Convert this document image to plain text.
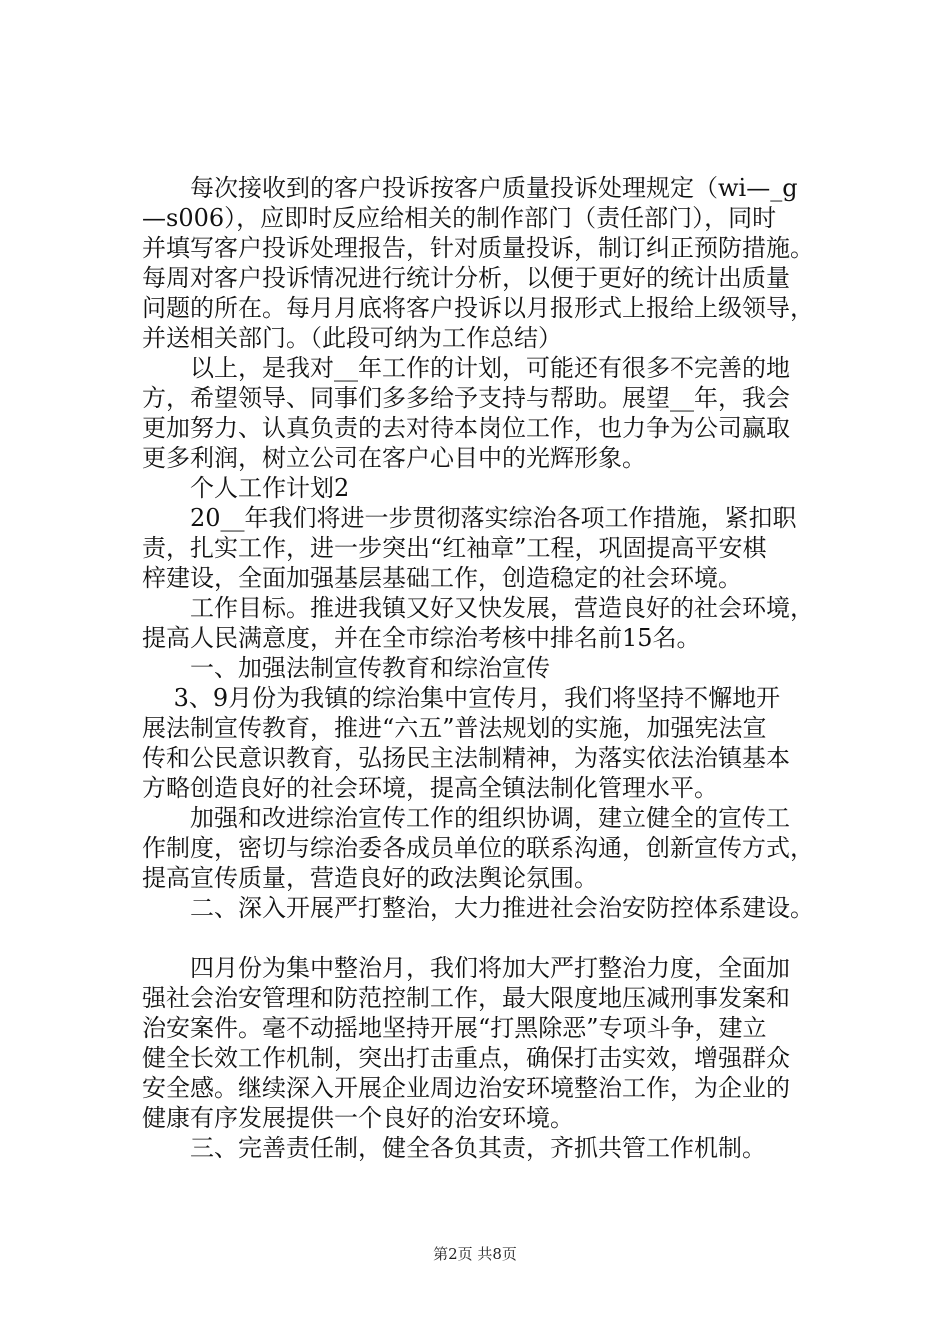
　　每次接收到的客户投诉按客户质量投诉处理规定（wi—_g
—s006），应即时反应给相关的制作部门（责任部门），同时
并填写客户投诉处理报告，针对质量投诉，制订纠正预防措施。
每周对客户投诉情况进行统计分析，以便于更好的统计出质量
问题的所在。每月月底将客户投诉以月报形式上报给上级领导，
并送相关部门。（此段可纳为工作总结）
　　以上，是我对__年工作的计划，可能还有很多不完善的地
方，希望领导、同事们多多给予支持与帮助。展望__年，我会
更加努力、认真负责的去对待本岗位工作，也力争为公司赢取
更多利润，树立公司在客户心目中的光辉形象。
　　个人工作计划2
　　20__年我们将进一步贯彻落实综治各项工作措施，紧扣职
责，扎实工作，进一步突出“红袖章”工程，巩固提高平安棋
梓建设，全面加强基层基础工作，创造稳定的社会环境。
　　工作目标。推进我镇又好又快发展，营造良好的社会环境，
提高人民满意度，并在全市综治考核中排名前15名。
　　一、加强法制宣传教育和综治宣传
　 3、9月份为我镇的综治集中宣传月，我们将坚持不懈地开
展法制宣传教育，推进“六五”普法规划的实施，加强宪法宣
传和公民意识教育，弘扬民主法制精神，为落实依法治镇基本
方略创造良好的社会环境，提高全镇法制化管理水平。
　　加强和改进综治宣传工作的组织协调，建立健全的宣传工
作制度，密切与综治委各成员单位的联系沟通，创新宣传方式，
提高宣传质量，营造良好的政法舆论氛围。
　　二、深入开展严打整治，大力推进社会治安防控体系建设。
　　四月份为集中整治月，我们将加大严打整治力度，全面加
强社会治安管理和防范控制工作，最大限度地压减刑事发案和
治安案件。毫不动摇地坚持开展“打黑除恶”专项斗争，建立
健全长效工作机制，突出打击重点，确保打击实效，增强群众
安全感。继续深入开展企业周边治安环境整治工作，为企业的
健康有序发展提供一个良好的治安环境。
　　三、完善责任制，健全各负其责，齐抓共管工作机制。
第2页 共8页
